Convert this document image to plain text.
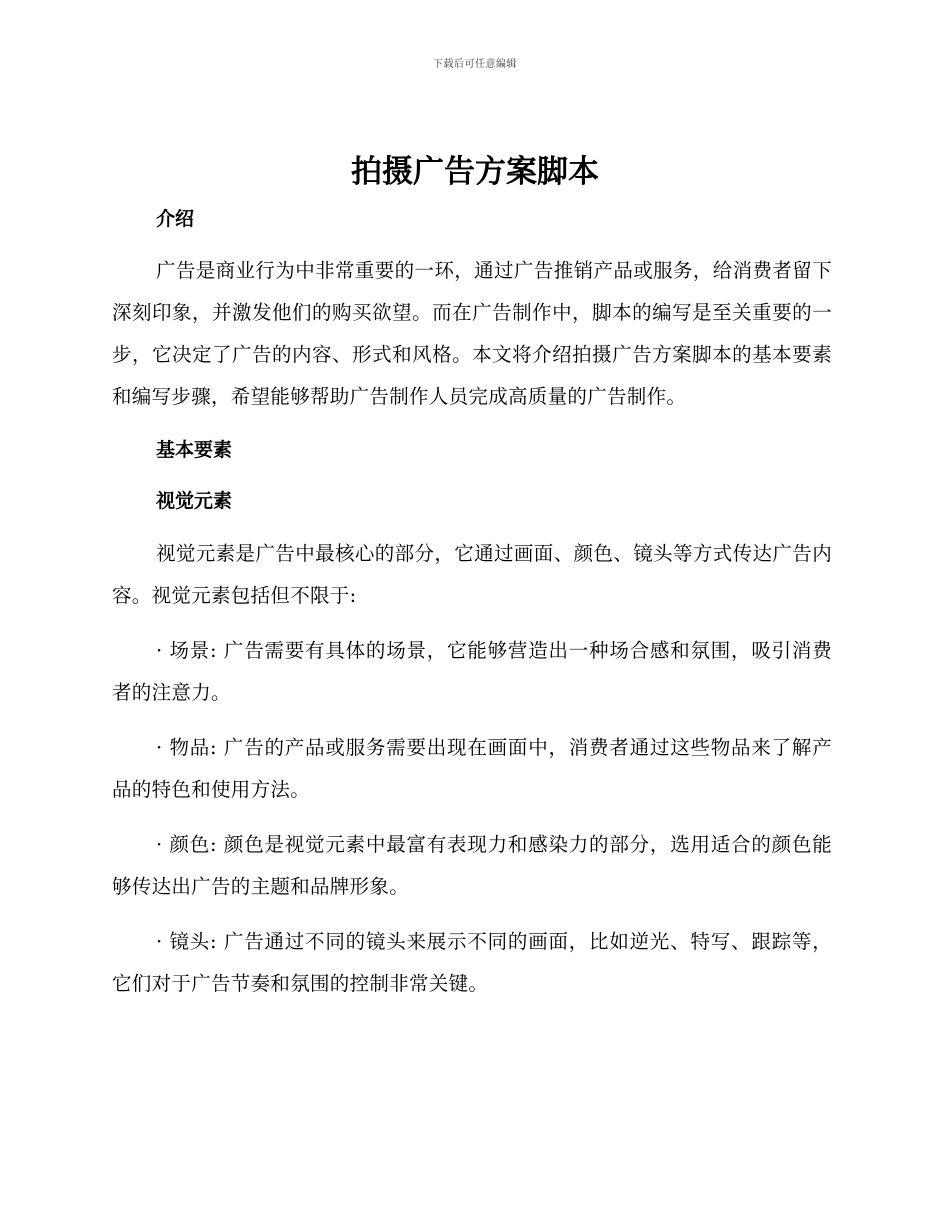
下载后可任意编辑
拍摄广告方案脚本

介绍

广告是商业行为中非常重要的一环，通过广告推销产品或服务，给消费者留下深刻印象，并激发他们的购买欲望。而在广告制作中，脚本的编写是至关重要的一步，它决定了广告的内容、形式和风格。本文将介绍拍摄广告方案脚本的基本要素和编写步骤，希望能够帮助广告制作人员完成高质量的广告制作。

基本要素

视觉元素

视觉元素是广告中最核心的部分，它通过画面、颜色、镜头等方式传达广告内容。视觉元素包括但不限于:

· 场景: 广告需要有具体的场景，它能够营造出一种场合感和氛围，吸引消费者的注意力。

· 物品: 广告的产品或服务需要出现在画面中，消费者通过这些物品来了解产品的特色和使用方法。

· 颜色: 颜色是视觉元素中最富有表现力和感染力的部分，选用适合的颜色能够传达出广告的主题和品牌形象。

· 镜头: 广告通过不同的镜头来展示不同的画面，比如逆光、特写、跟踪等，它们对于广告节奏和氛围的控制非常关键。
